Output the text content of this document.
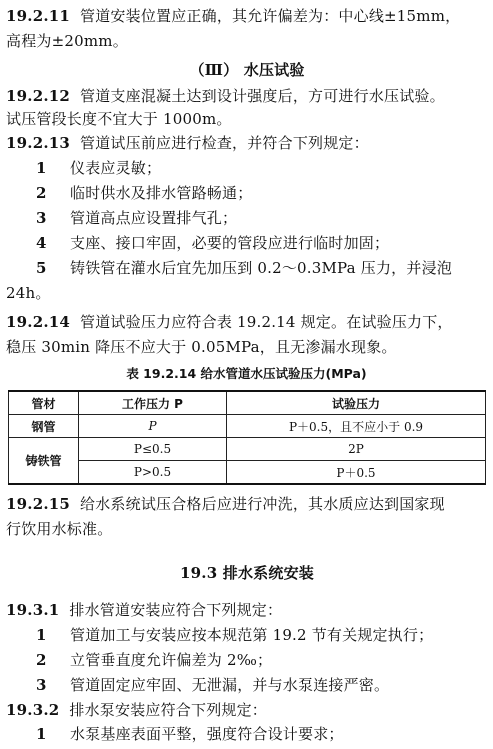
19.2.11 管道安装位置应正确，其允许偏差为：中心线±15mm，
高程为±20mm。
（Ⅲ） 水压试验
19.2.12 管道支座混凝土达到设计强度后，方可进行水压试验。
试压管段长度不宜大于 1000m。
19.2.13 管道试压前应进行检查，并符合下列规定：
1 仪表应灵敏；
2 临时供水及排水管路畅通；
3 管道高点应设置排气孔；
4 支座、接口牢固，必要的管段应进行临时加固；
5 铸铁管在灌水后宜先加压到 0.2～0.3MPa 压力，并浸泡
24h。
19.2.14 管道试验压力应符合表 19.2.14 规定。在试验压力下，
稳压 30min 降压不应大于 0.05MPa，且无渗漏水现象。
表 19.2.14 给水管道水压试验压力(MPa)
管材	工作压力 P	试验压力
钢管	P	P＋0.5，且不应小于 0.9
铸铁管	P≤0.5	2P
	P>0.5	P＋0.5
19.2.15 给水系统试压合格后应进行冲洗，其水质应达到国家现
行饮用水标准。
19.3 排水系统安装
19.3.1 排水管道安装应符合下列规定：
1 管道加工与安装应按本规范第 19.2 节有关规定执行；
2 立管垂直度允许偏差为 2‰；
3 管道固定应牢固、无泄漏，并与水泵连接严密。
19.3.2 排水泵安装应符合下列规定：
1 水泵基座表面平整，强度符合设计要求；
